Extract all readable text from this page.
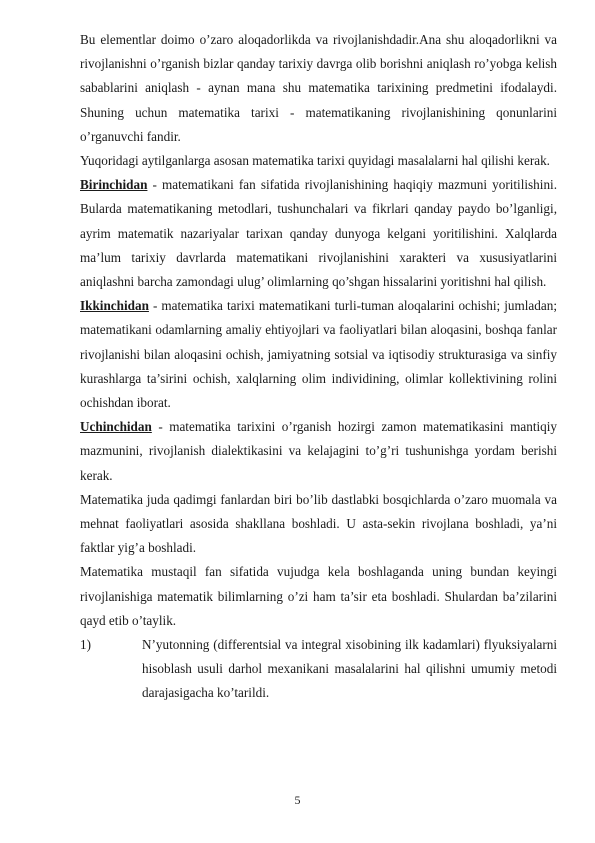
Bu elementlar doimo o’zaro aloqadorlikda va rivojlanishdadir.Ana shu aloqadorlikni va rivojlanishni o’rganish bizlar qanday tarixiy davrga olib borishni aniqlash ro’yobga kelish sabablarini aniqlash - aynan mana shu matematika tarixining predmetini ifodalaydi. Shuning uchun matematika tarixi - matematikaning rivojlanishining qonunlarini o’rganuvchi fandir.

Yuqoridagi aytilganlarga asosan matematika tarixi quyidagi masalalarni hal qilishi kerak.

Birinchidan - matematikani fan sifatida rivojlanishining haqiqiy mazmuni yoritilishini. Bularda matematikaning metodlari, tushunchalari va fikrlari qanday paydo bo’lganligi, ayrim matematik nazariyalar tarixan qanday dunyoga kelgani yoritilishini. Xalqlarda ma’lum tarixiy davrlarda matematikani rivojlanishini xarakteri va xususiyatlarini aniqlashni barcha zamondagi ulug’ olimlarning qo’shgan hissalarini yoritishni hal qilish.

Ikkinchidan - matematika tarixi matematikani turli-tuman aloqalarini ochishi; jumladan; matematikani odamlarning amaliy ehtiyojlari va faoliyatlari bilan aloqasini, boshqa fanlar rivojlanishi bilan aloqasini ochish, jamiyatning sotsial va iqtisodiy strukturasiga va sinfiy kurashlarga ta’sirini ochish, xalqlarning olim individining, olimlar kollektivining rolini ochishdan iborat.

Uchinchidan - matematika tarixini o’rganish hozirgi zamon matematikasini mantiqiy mazmunini, rivojlanish dialektikasini va kelajagini to’g’ri tushunishga yordam berishi kerak.

Matematika juda qadimgi fanlardan biri bo’lib dastlabki bosqichlarda o’zaro muomala va mehnat faoliyatlari asosida shakllana boshladi. U asta-sekin rivojlana boshladi, ya’ni faktlar yig’a boshladi.

Matematika mustaqil fan sifatida vujudga kela boshlaganda uning bundan keyingi rivojlanishiga matematik bilimlarning o’zi ham ta’sir eta boshladi. Shulardan ba’zilarini qayd etib o’taylik.

1)	N’yutonning (differentsial va integral xisobining ilk kadamlari) flyuksiyalarni hisoblash usuli darhol mexanikani masalalarini hal qilishni umumiy metodi darajasigacha ko’tarildi.
5
